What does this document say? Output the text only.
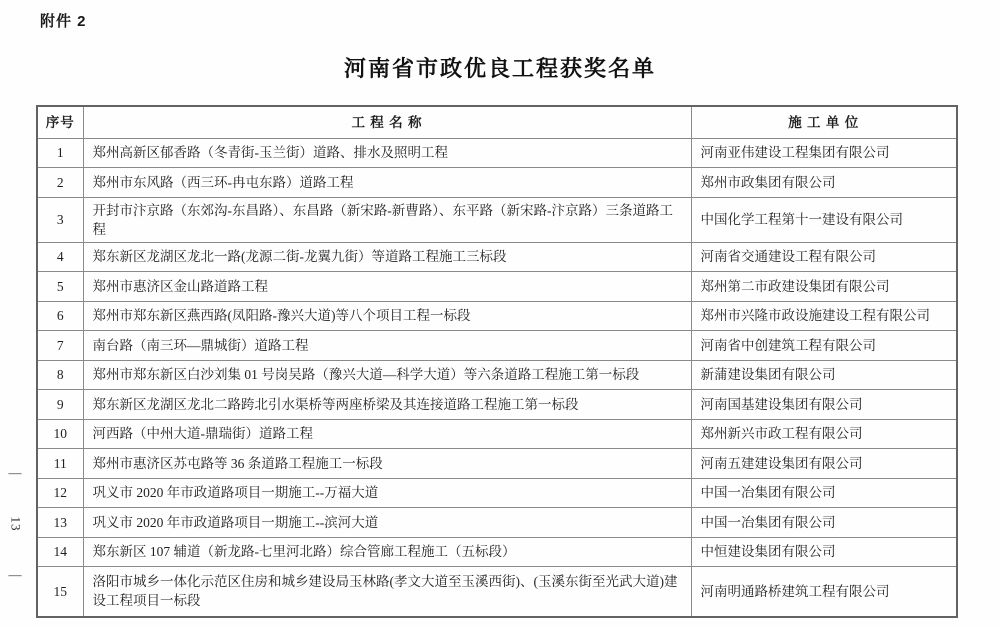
附件 2
河南省市政优良工程获奖名单
序号	工 程 名 称	施 工 单 位
1	郑州高新区郁香路（冬青街-玉兰街）道路、排水及照明工程	河南亚伟建设工程集团有限公司
2	郑州市东风路（西三环-冉屯东路）道路工程	郑州市政集团有限公司
3	开封市汴京路（东郊沟-东昌路）、东昌路（新宋路-新曹路）、东平路（新宋路-汴京路）三条道路工程	中国化学工程第十一建设有限公司
4	郑东新区龙湖区龙北一路(龙源二街-龙翼九街）等道路工程施工三标段	河南省交通建设工程有限公司
5	郑州市惠济区金山路道路工程	郑州第二市政建设集团有限公司
6	郑州市郑东新区燕西路(凤阳路-豫兴大道)等八个项目工程一标段	郑州市兴隆市政设施建设工程有限公司
7	南台路（南三环—鼎城街）道路工程	河南省中创建筑工程有限公司
8	郑州市郑东新区白沙刘集 01 号岗吴路（豫兴大道—科学大道）等六条道路工程施工第一标段	新蒲建设集团有限公司
9	郑东新区龙湖区龙北二路跨北引水渠桥等两座桥梁及其连接道路工程施工第一标段	河南国基建设集团有限公司
10	河西路（中州大道-鼎瑞街）道路工程	郑州新兴市政工程有限公司
11	郑州市惠济区苏屯路等 36 条道路工程施工一标段	河南五建建设集团有限公司
12	巩义市 2020 年市政道路项目一期施工--万福大道	中国一冶集团有限公司
13	巩义市 2020 年市政道路项目一期施工--滨河大道	中国一冶集团有限公司
14	郑东新区 107 辅道（新龙路-七里河北路）综合管廊工程施工（五标段）	中恒建设集团有限公司
15	洛阳市城乡一体化示范区住房和城乡建设局玉林路(孝文大道至玉溪西街)、(玉溪东街至光武大道)建设工程项目一标段	河南明通路桥建筑工程有限公司
—
13
—
